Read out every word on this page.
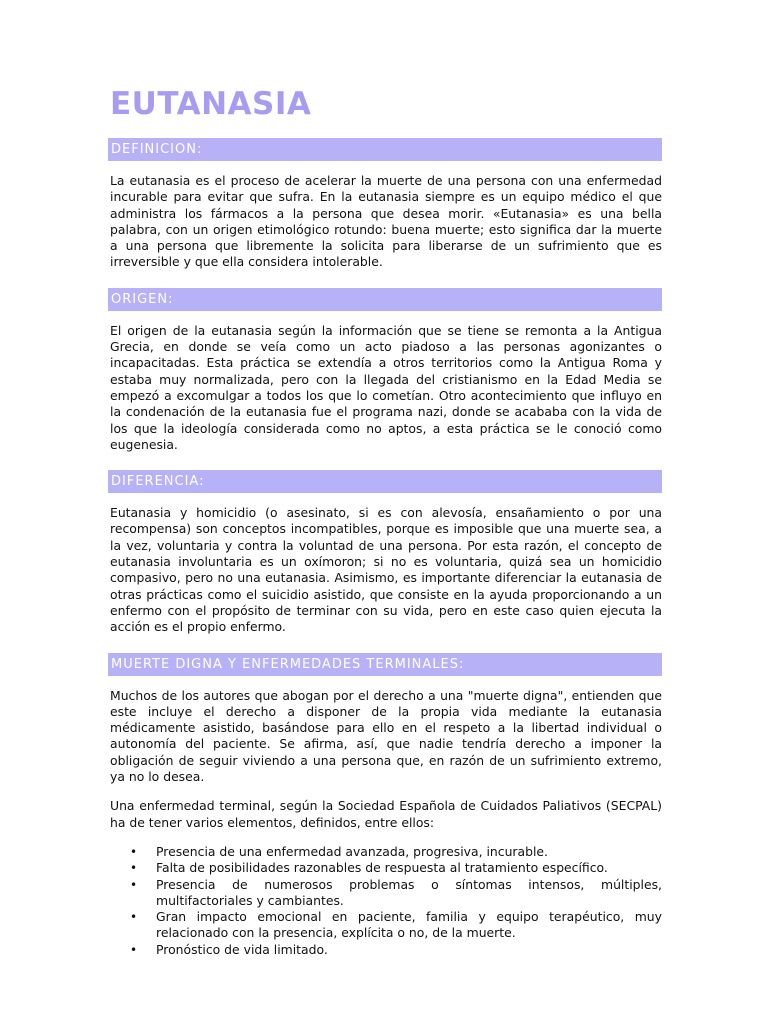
EUTANASIA
DEFINICION:

La eutanasia es el proceso de acelerar la muerte de una persona con una enfermedad incurable para evitar que sufra. En la eutanasia siempre es un equipo médico el que administra los fármacos a la persona que desea morir. «Eutanasia» es una bella palabra, con un origen etimológico rotundo: buena muerte; esto significa dar la muerte a una persona que libremente la solicita para liberarse de un sufrimiento que es irreversible y que ella considera intolerable.

ORIGEN:

El origen de la eutanasia según la información que se tiene se remonta a la Antigua Grecia, en donde se veía como un acto piadoso a las personas agonizantes o incapacitadas. Esta práctica se extendía a otros territorios como la Antigua Roma y estaba muy normalizada, pero con la llegada del cristianismo en la Edad Media se empezó a excomulgar a todos los que lo cometían. Otro acontecimiento que influyo en la condenación de la eutanasia fue el programa nazi, donde se acababa con la vida de los que la ideología considerada como no aptos, a esta práctica se le conoció como eugenesia.

DIFERENCIA:

Eutanasia y homicidio (o asesinato, si es con alevosía, ensañamiento o por una recompensa) son conceptos incompatibles, porque es imposible que una muerte sea, a la vez, voluntaria y contra la voluntad de una persona. Por esta razón, el concepto de eutanasia involuntaria es un oxímoron; si no es voluntaria, quizá sea un homicidio compasivo, pero no una eutanasia. Asimismo, es importante diferenciar la eutanasia de otras prácticas como el suicidio asistido, que consiste en la ayuda proporcionando a un enfermo con el propósito de terminar con su vida, pero en este caso quien ejecuta la acción es el propio enfermo.

MUERTE DIGNA Y ENFERMEDADES TERMINALES:

Muchos de los autores que abogan por el derecho a una "muerte digna", entienden que este incluye el derecho a disponer de la propia vida mediante la eutanasia médicamente asistido, basándose para ello en el respeto a la libertad individual o autonomía del paciente. Se afirma, así, que nadie tendría derecho a imponer la obligación de seguir viviendo a una persona que, en razón de un sufrimiento extremo, ya no lo desea.

Una enfermedad terminal, según la Sociedad Española de Cuidados Paliativos (SECPAL) ha de tener varios elementos, definidos, entre ellos:

•	Presencia de una enfermedad avanzada, progresiva, incurable.
•	Falta de posibilidades razonables de respuesta al tratamiento específico.
•	Presencia de numerosos problemas o síntomas intensos, múltiples, multifactoriales y cambiantes.
•	Gran impacto emocional en paciente, familia y equipo terapéutico, muy relacionado con la presencia, explícita o no, de la muerte.
•	Pronóstico de vida limitado.
